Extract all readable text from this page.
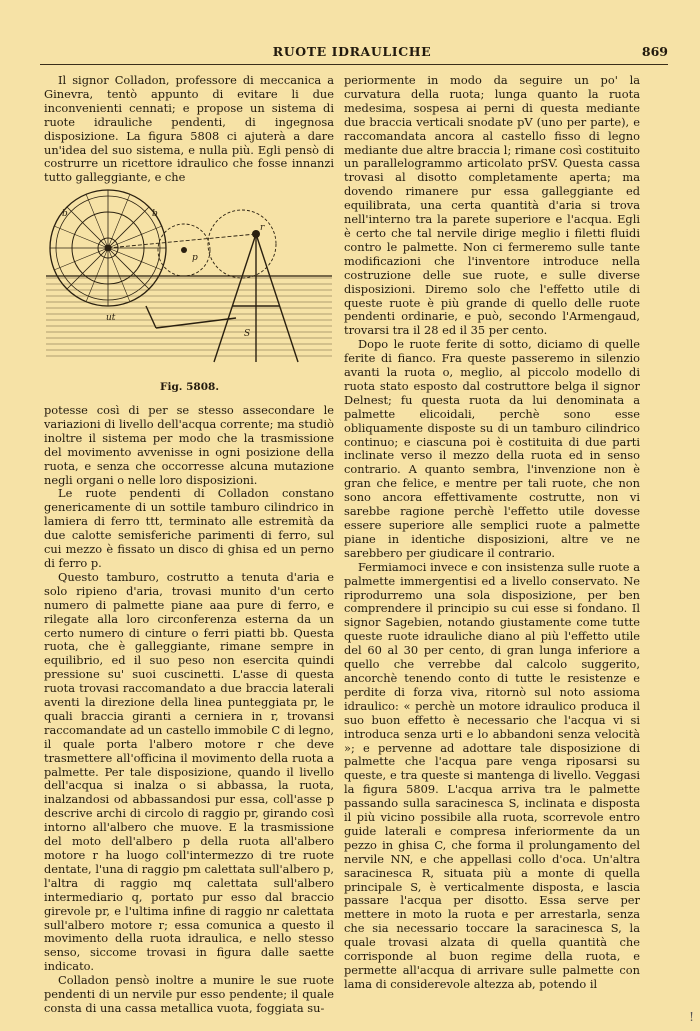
RUOTE IDRAULICHE	869

Il signor Colladon, professore di meccanica a Ginevra, tentò appunto di evitare li due inconvenienti cennati; e propose un sistema di ruote idrauliche pendenti, di ingegnosa disposizione. La figura 5808 ci ajuterà a dare un'idea del suo sistema, e nulla più. Egli pensò di costrurre un ricettore idraulico che fosse innanzi tutto galleggiante, e che

b	b
p
S
ut
r
Fig. 5808.

potesse così di per se stesso assecondare le variazioni di livello dell'acqua corrente; ma studiò inoltre il sistema per modo che la trasmissione del movimento avvenisse in ogni posizione della ruota, e senza che occorresse alcuna mutazione negli organi o nelle loro disposizioni.

Le ruote pendenti di Colladon constano genericamente di un sottile tamburo cilindrico in lamiera di ferro ttt, terminato alle estremità da due calotte semisferiche parimenti di ferro, sul cui mezzo è fissato un disco di ghisa ed un perno di ferro p.

Questo tamburo, costrutto a tenuta d'aria e solo ripieno d'aria, trovasi munito d'un certo numero di palmette piane aaa pure di ferro, e rilegate alla loro circonferenza esterna da un certo numero di cinture o ferri piatti bb. Questa ruota, che è galleggiante, rimane sempre in equilibrio, ed il suo peso non esercita quindi pressione su' suoi cuscinetti. L'asse di questa ruota trovasi raccomandato a due braccia laterali aventi la direzione della linea punteggiata pr, le quali braccia giranti a cerniera in r, trovansi raccomandate ad un castello immobile C di legno, il quale porta l'albero motore r che deve trasmettere all'officina il movimento della ruota a palmette. Per tale disposizione, quando il livello dell'acqua si inalza o si abbassa, la ruota, inalzandosi od abbassandosi pur essa, coll'asse p descrive archi di circolo di raggio pr, girando così intorno all'albero che muove. E la trasmissione del moto dell'albero p della ruota all'albero motore r ha luogo coll'intermezzo di tre ruote dentate, l'una di raggio pm calettata sull'albero p, l'altra di raggio mq calettata sull'albero intermediario q, portato pur esso dal braccio girevole pr, e l'ultima infine di raggio nr calettata sull'albero motore r; essa comunica a questo il movimento della ruota idraulica, e nello stesso senso, siccome trovasi in figura dalle saette indicato.

Colladon pensò inoltre a munire le sue ruote pendenti di un nervile pur esso pendente; il quale consta di una cassa metallica vuota, foggiata su-

periormente in modo da seguire un po' la curvatura della ruota; lunga quanto la ruota medesima, sospesa ai perni di questa mediante due braccia verticali snodate pV (uno per parte), e raccomandata ancora al castello fisso di legno mediante due altre braccia l; rimane così costituito un parallelogrammo articolato prSV. Questa cassa trovasi al disotto completamente aperta; ma dovendo rimanere pur essa galleggiante ed equilibrata, una certa quantità d'aria si trova nell'interno tra la parete superiore e l'acqua. Egli è certo che tal nervile dirige meglio i filetti fluidi contro le palmette. Non ci fermeremo sulle tante modificazioni che l'inventore introduce nella costruzione delle sue ruote, e sulle diverse disposizioni. Diremo solo che l'effetto utile di queste ruote è più grande di quello delle ruote pendenti ordinarie, e può, secondo l'Armengaud, trovarsi tra il 28 ed il 35 per cento.

Dopo le ruote ferite di sotto, diciamo di quelle ferite di fianco. Fra queste passeremo in silenzio avanti la ruota o, meglio, al piccolo modello di ruota stato esposto dal costruttore belga il signor Delnest; fu questa ruota da lui denominata a palmette elicoidali, perchè sono esse obliquamente disposte su di un tamburo cilindrico continuo; e ciascuna poi è costituita di due parti inclinate verso il mezzo della ruota ed in senso contrario. A quanto sembra, l'invenzione non è gran che felice, e mentre per tali ruote, che non sono ancora effettivamente costrutte, non vi sarebbe ragione perchè l'effetto utile dovesse essere superiore alle semplici ruote a palmette piane in identiche disposizioni, altre ve ne sarebbero per giudicare il contrario.

Fermiamoci invece e con insistenza sulle ruote a palmette immergentisi ed a livello conservato. Ne riprodurremo una sola disposizione, per ben comprendere il principio su cui esse si fondano. Il signor Sagebien, notando giustamente come tutte queste ruote idrauliche diano al più l'effetto utile del 60 al 30 per cento, di gran lunga inferiore a quello che verrebbe dal calcolo suggerito, ancorchè tenendo conto di tutte le resistenze e perdite di forza viva, ritornò sul noto assioma idraulico: « perchè un motore idraulico produca il suo buon effetto è necessario che l'acqua vi si introduca senza urti e lo abbandoni senza velocità »; e pervenne ad adottare tale disposizione di palmette che l'acqua pare venga riposarsi su queste, e tra queste si mantenga di livello. Veggasi la figura 5809. L'acqua arriva tra le palmette passando sulla saracinesca S, inclinata e disposta il più vicino possibile alla ruota, scorrevole entro guide laterali e compresa inferiormente da un pezzo in ghisa C, che forma il prolungamento del nervile NN, e che appellasi collo d'oca. Un'altra saracinesca R, situata più a monte di quella principale S, è verticalmente disposta, e lascia passare l'acqua per disotto. Essa serve per mettere in moto la ruota e per arrestarla, senza che sia necessario toccare la saracinesca S, la quale trovasi alzata di quella quantità che corrisponde al buon regime della ruota, e permette all'acqua di arrivare sulle palmette con lama di considerevole altezza ab, potendo il

!
